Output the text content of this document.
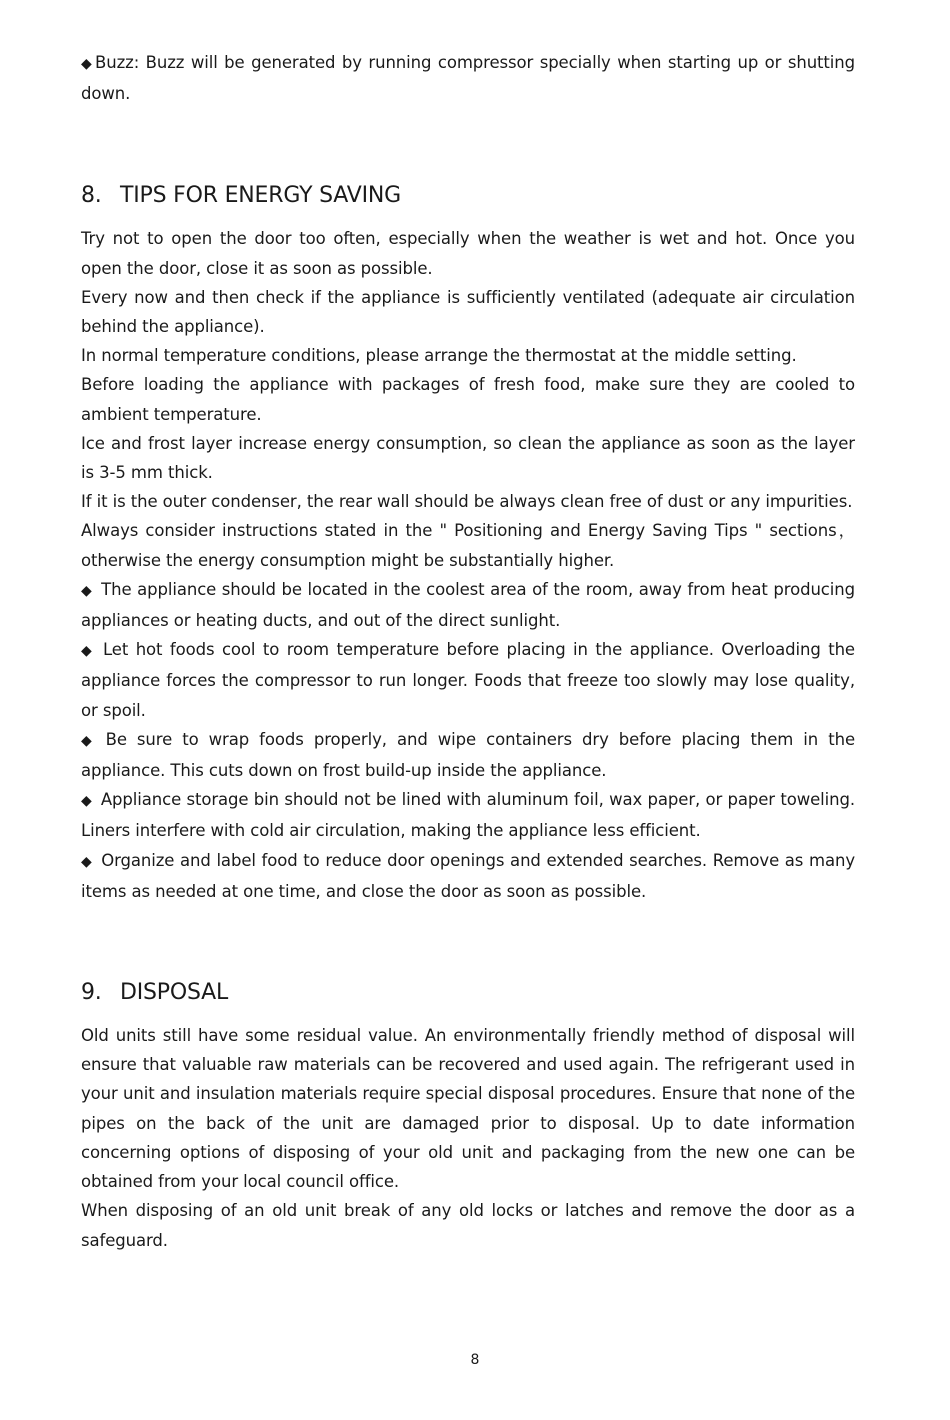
◆ Buzz: Buzz will be generated by running compressor specially when starting up or shutting down.

8. TIPS FOR ENERGY SAVING

Try not to open the door too often, especially when the weather is wet and hot. Once you open the door, close it as soon as possible.

Every now and then check if the appliance is sufficiently ventilated (adequate air circulation behind the appliance).

In normal temperature conditions, please arrange the thermostat at the middle setting.

Before loading the appliance with packages of fresh food, make sure they are cooled to ambient temperature.

Ice and frost layer increase energy consumption, so clean the appliance as soon as the layer is 3-5 mm thick.

If it is the outer condenser, the rear wall should be always clean free of dust or any impurities.

Always consider instructions stated in the " Positioning and Energy Saving Tips " sections， otherwise the energy consumption might be substantially higher.

◆ The appliance should be located in the coolest area of the room, away from heat producing appliances or heating ducts, and out of the direct sunlight.

◆ Let hot foods cool to room temperature before placing in the appliance. Overloading the appliance forces the compressor to run longer. Foods that freeze too slowly may lose quality, or spoil.

◆ Be sure to wrap foods properly, and wipe containers dry before placing them in the appliance. This cuts down on frost build-up inside the appliance.

◆ Appliance storage bin should not be lined with aluminum foil, wax paper, or paper toweling. Liners interfere with cold air circulation, making the appliance less efficient.

◆ Organize and label food to reduce door openings and extended searches. Remove as many items as needed at one time, and close the door as soon as possible.

9. DISPOSAL

Old units still have some residual value. An environmentally friendly method of disposal will ensure that valuable raw materials can be recovered and used again. The refrigerant used in your unit and insulation materials require special disposal procedures. Ensure that none of the pipes on the back of the unit are damaged prior to disposal. Up to date information concerning options of disposing of your old unit and packaging from the new one can be obtained from your local council office.

When disposing of an old unit break of any old locks or latches and remove the door as a safeguard.

8
